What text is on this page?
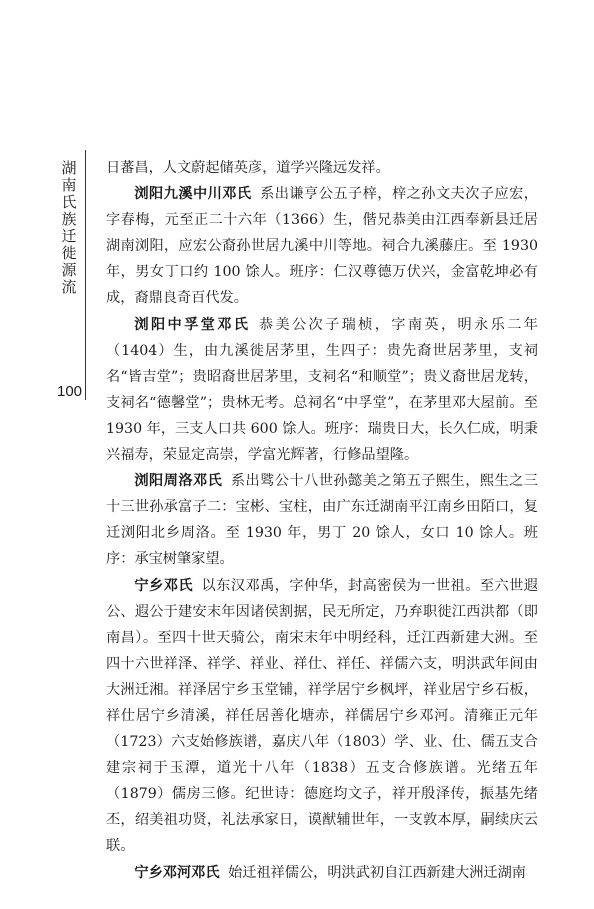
湖南氏族迁徙源流
100

日蕃昌，人文蔚起储英彦，道学兴隆远发祥。

浏阳九溪中川邓氏 系出谦亨公五子梓，梓之孙文夫次子应宏，字春梅，元至正二十六年（1366）生，偕兄恭美由江西奉新县迁居湖南浏阳，应宏公裔孙世居九溪中川等地。祠合九溪藤庄。至 1930 年，男女丁口约 100 馀人。班序：仁汉尊德万伏兴，金富乾坤必有成，裔鼎良奇百代发。

浏阳中孚堂邓氏 恭美公次子瑞桢，字南英，明永乐二年（1404）生，由九溪徙居茅里，生四子：贵先裔世居茅里，支祠名“皆吉堂”；贵昭裔世居茅里，支祠名“和顺堂”；贵义裔世居龙转，支祠名“德馨堂”；贵林无考。总祠名“中孚堂”，在茅里邓大屋前。至 1930 年，三支人口共 600 馀人。班序：瑞贵日大，长久仁成，明秉兴福寿，荣显定高崇，学富光辉著，行修品望隆。

浏阳周洛邓氏 系出骘公十八世孙懿美之第五子熙生，熙生之三十三世孙承富子二：宝彬、宝柱，由广东迁湖南平江南乡田陌口，复迁浏阳北乡周洛。至 1930 年，男丁 20 馀人，女口 10 馀人。班序：承宝树肇家望。

宁乡邓氏 以东汉邓禹，字仲华，封高密侯为一世祖。至六世遐公、遐公于建安末年因诸侯割据，民无所定，乃弃职徙江西洪都（即南昌）。至四十世天骑公，南宋末年中明经科，迁江西新建大洲。至四十六世祥泽、祥学、祥业、祥仕、祥任、祥儒六支，明洪武年间由大洲迁湘。祥泽居宁乡玉堂铺，祥学居宁乡枫坪，祥业居宁乡石板，祥仕居宁乡清溪，祥任居善化塘赤，祥儒居宁乡邓河。清雍正元年（1723）六支始修族谱，嘉庆八年（1803）学、业、仕、儒五支合建宗祠于玉潭，道光十八年（1838）五支合修族谱。光绪五年（1879）儒房三修。纪世诗：德庭均文子，祥开殷泽传，振基先绪丕，绍美祖功贤，礼法承家日，谟猷辅世年，一支敦本厚，嗣续庆云联。

宁乡邓河邓氏 始迁祖祥儒公，明洪武初自江西新建大洲迁湖南
